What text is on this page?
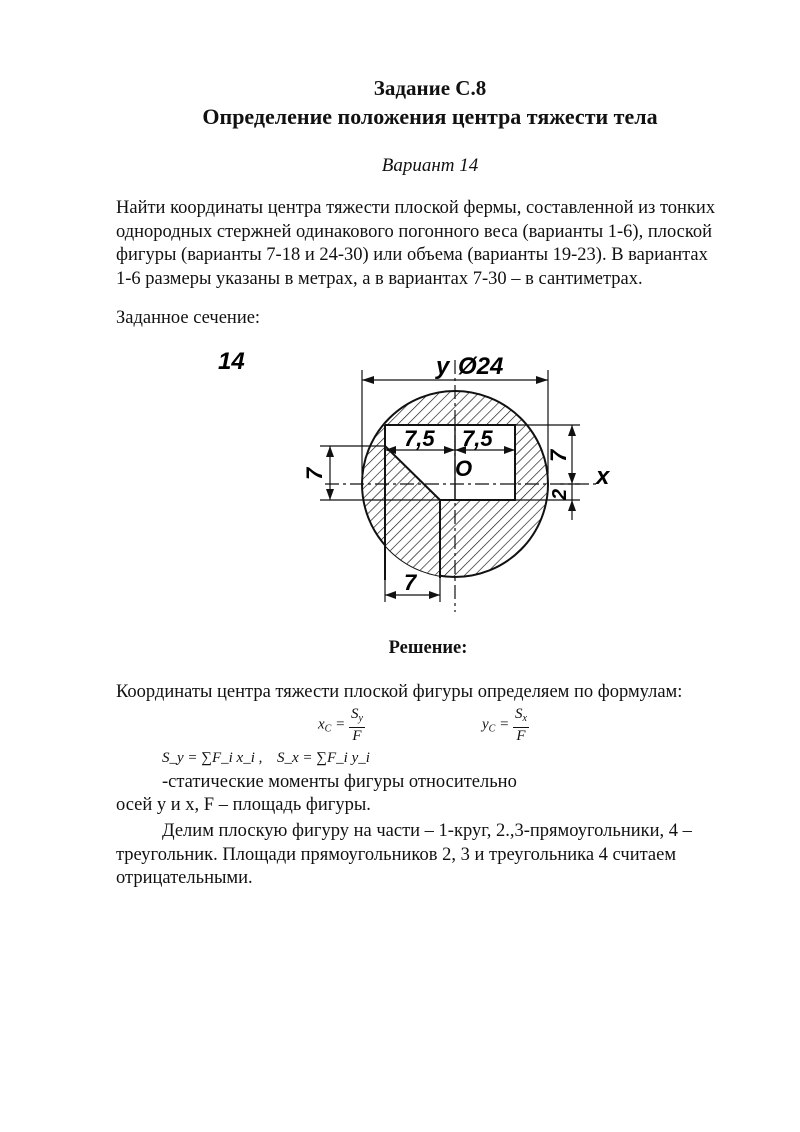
Задание С.8
Определение положения центра тяжести тела
Вариант 14
Найти координаты центра тяжести плоской фермы, составленной из тонких
однородных стержней одинакового погонного веса (варианты 1-6), плоской
фигуры (варианты 7-18 и 24-30) или объема (варианты 19-23). В вариантах
1-6 размеры указаны в метрах, а в вариантах 7-30 – в сантиметрах.
Заданное сечение:
14	y
x
O
Ø24
7,5 7,5
7
7
2
7
Решение:
Координаты центра тяжести плоской фигуры определяем по формулам:
$x_C = \frac{S_y}{F}$	$y_C = \frac{S_x}{F}$
S_y = ∑F_i x_i , S_x = ∑F_i y_i
-статические моменты фигуры относительно
осей у и х, F – площадь фигуры.
Делим плоскую фигуру на части – 1-круг, 2.,3-прямоугольники, 4 –
треугольник. Площади прямоугольников 2, 3 и треугольника 4 считаем
отрицательными.
